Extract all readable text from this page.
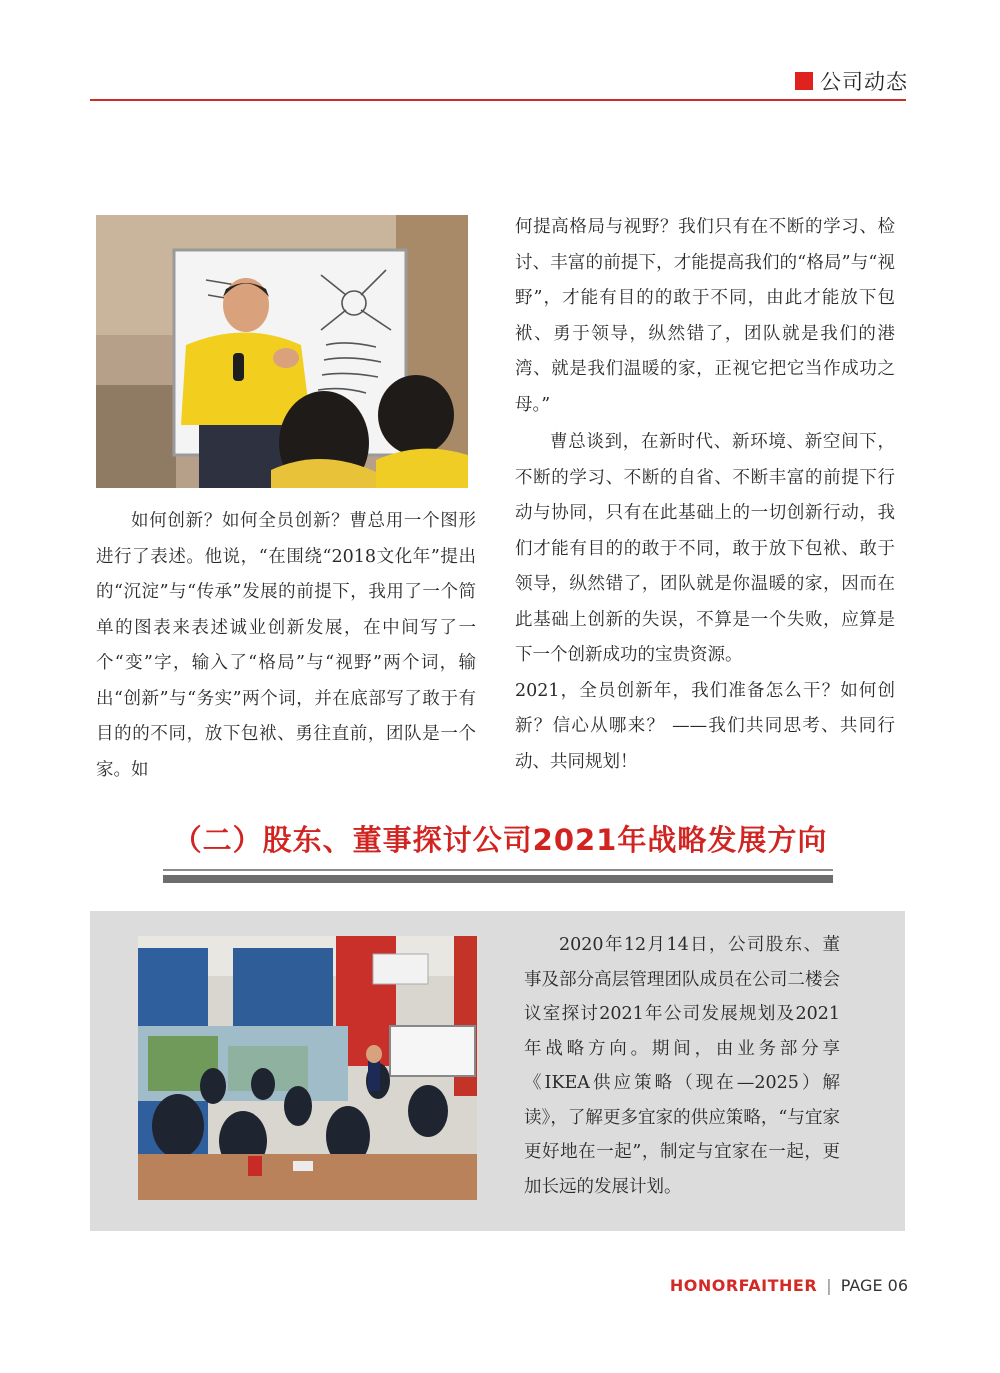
公司动态

如何创新？如何全员创新？曹总用一个图形进行了表述。他说，“在围绕“2018文化年”提出的“沉淀”与“传承”发展的前提下，我用了一个简单的图表来表述诚业创新发展，在中间写了一个“变”字，输入了“格局”与“视野”两个词，输出“创新”与“务实”两个词，并在底部写了敢于有目的的不同，放下包袱、勇往直前，团队是一个家。如

何提高格局与视野？我们只有在不断的学习、检讨、丰富的前提下，才能提高我们的“格局”与“视野”，才能有目的的敢于不同，由此才能放下包袱、勇于领导，纵然错了，团队就是我们的港湾、就是我们温暖的家，正视它把它当作成功之母。”

曹总谈到，在新时代、新环境、新空间下，不断的学习、不断的自省、不断丰富的前提下行动与协同，只有在此基础上的一切创新行动，我们才能有目的的敢于不同，敢于放下包袱、敢于领导，纵然错了，团队就是你温暖的家，因而在此基础上创新的失误，不算是一个失败，应算是下一个创新成功的宝贵资源。

2021，全员创新年，我们准备怎么干？如何创新？信心从哪来？ ——我们共同思考、共同行动、共同规划！

（二）股东、董事探讨公司2021年战略发展方向

2020年12月14日，公司股东、董事及部分高层管理团队成员在公司二楼会议室探讨2021年公司发展规划及2021年战略方向。期间，由业务部分享《IKEA供应策略（现在—2025）解读》，了解更多宜家的供应策略，“与宜家更好地在一起”，制定与宜家在一起，更加长远的发展计划。

HONORFAITHER | PAGE 06
